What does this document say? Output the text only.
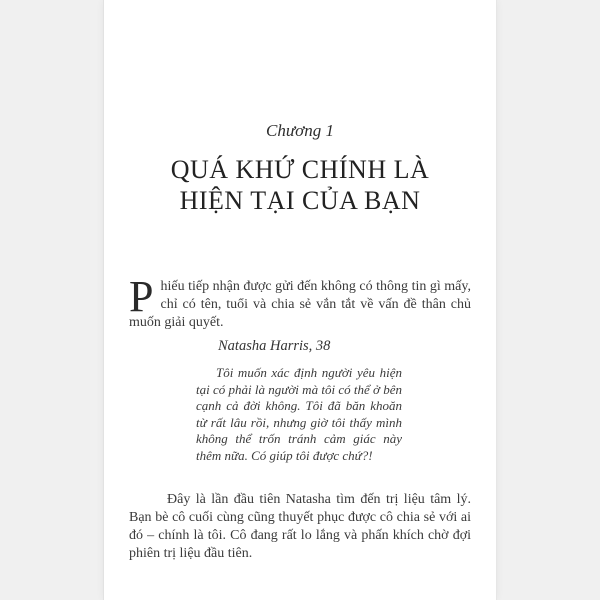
Chương 1
QUÁ KHỨ CHÍNH LÀ
HIỆN TẠI CỦA BẠN

Phiếu tiếp nhận được gửi đến không có thông tin gì mấy, chỉ có tên, tuổi và chia sẻ vắn tắt về vấn đề thân chủ muốn giải quyết.

Natasha Harris, 38
Tôi muốn xác định người yêu hiện tại có phải là người mà tôi có thể ở bên cạnh cả đời không. Tôi đã băn khoăn từ rất lâu rồi, nhưng giờ tôi thấy mình không thể trốn tránh cảm giác này thêm nữa. Có giúp tôi được chứ?!

Đây là lần đầu tiên Natasha tìm đến trị liệu tâm lý. Bạn bè cô cuối cùng cũng thuyết phục được cô chia sẻ với ai đó – chính là tôi. Cô đang rất lo lắng và phấn khích chờ đợi phiên trị liệu đầu tiên.
